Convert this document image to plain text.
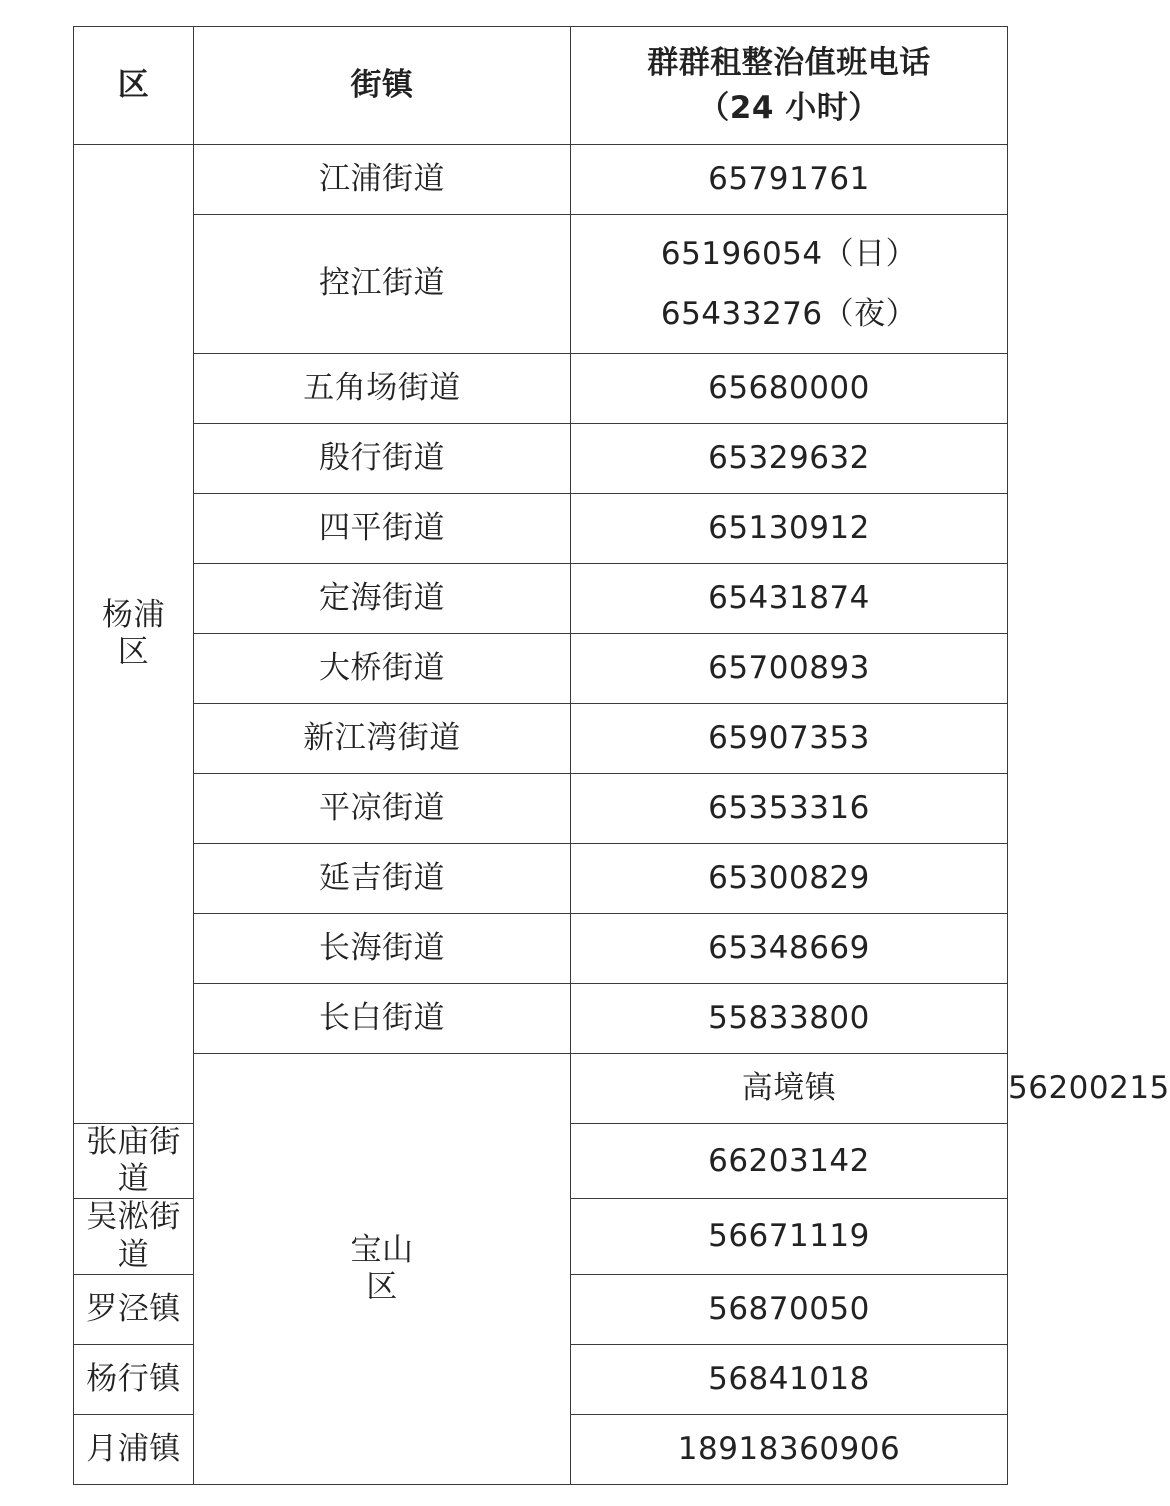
区	街镇	群群租整治值班电话
（24 小时）	

杨浦区	江浦街道	65791761	
	控江街道	65196054（日）65433276（夜）	
	五角场街道	65680000	
	殷行街道	65329632	
	四平街道	65130912	
	定海街道	65431874	
	大桥街道	65700893	
	新江湾街道	65907353	
	平凉街道	65353316	
	延吉街道	65300829	
	长海街道	65348669	
	长白街道	55833800	
	宝山区	高境镇	56200215
张庙街道		66203142	
吴淞街道		56671119	
罗泾镇		56870050	
杨行镇		56841018	
月浦镇		18918360906	
